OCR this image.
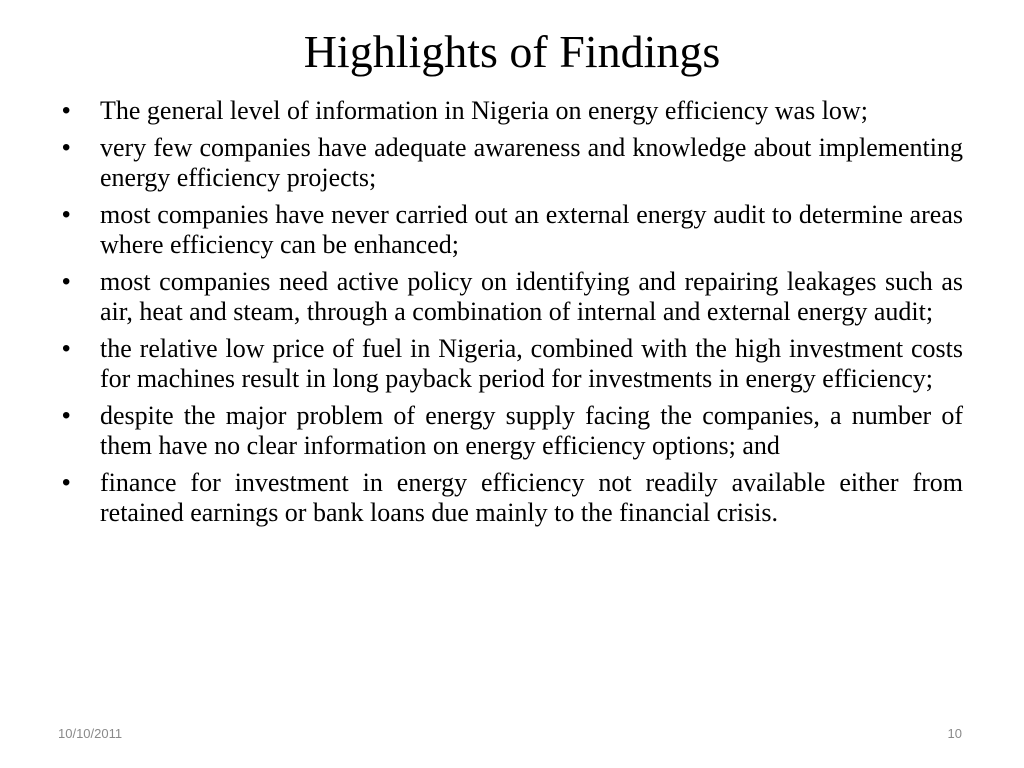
Highlights of Findings
• The general level of information in Nigeria on energy efficiency was low;
• very few companies have adequate awareness and knowledge about implementing energy efficiency projects;
• most companies have never carried out an external energy audit to determine areas where efficiency can be enhanced;
• most companies need active policy on identifying and repairing leakages such as  air, heat and steam, through a combination of internal and external energy audit;
• the relative low price of fuel in Nigeria, combined with the high investment costs for machines result in long payback period for investments in energy efficiency;
• despite the major problem of energy supply facing the companies, a number of them have no clear information on energy efficiency options; and
• finance for investment in energy efficiency not readily available either from retained earnings or bank loans due mainly to the financial crisis.
10/10/2011	10
